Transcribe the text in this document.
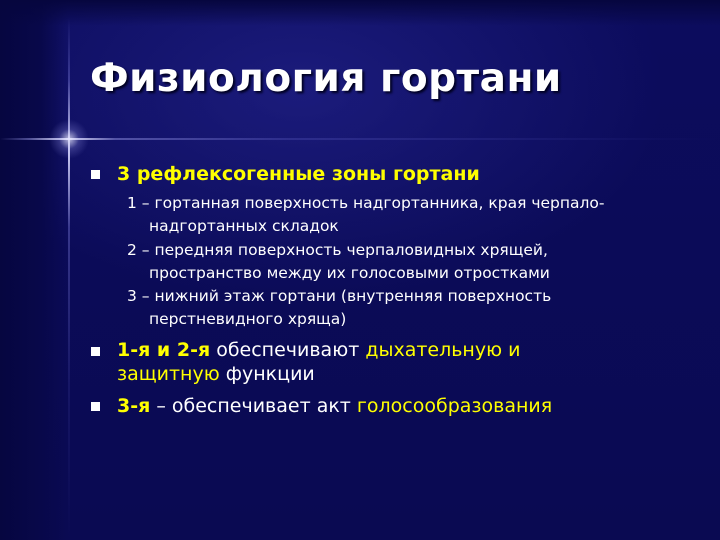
Физиология гортани

3 рефлексогенные зоны гортани

1 – гортанная поверхность надгортанника, края черпало-
надгортанных складок

2 – передняя поверхность черпаловидных хрящей,
пространство между их голосовыми отростками

3 – нижний этаж гортани (внутренняя поверхность
перстневидного хряща)

1-я и 2-я обеспечивают дыхательную и
защитную функции

3-я – обеспечивает акт голосообразования
